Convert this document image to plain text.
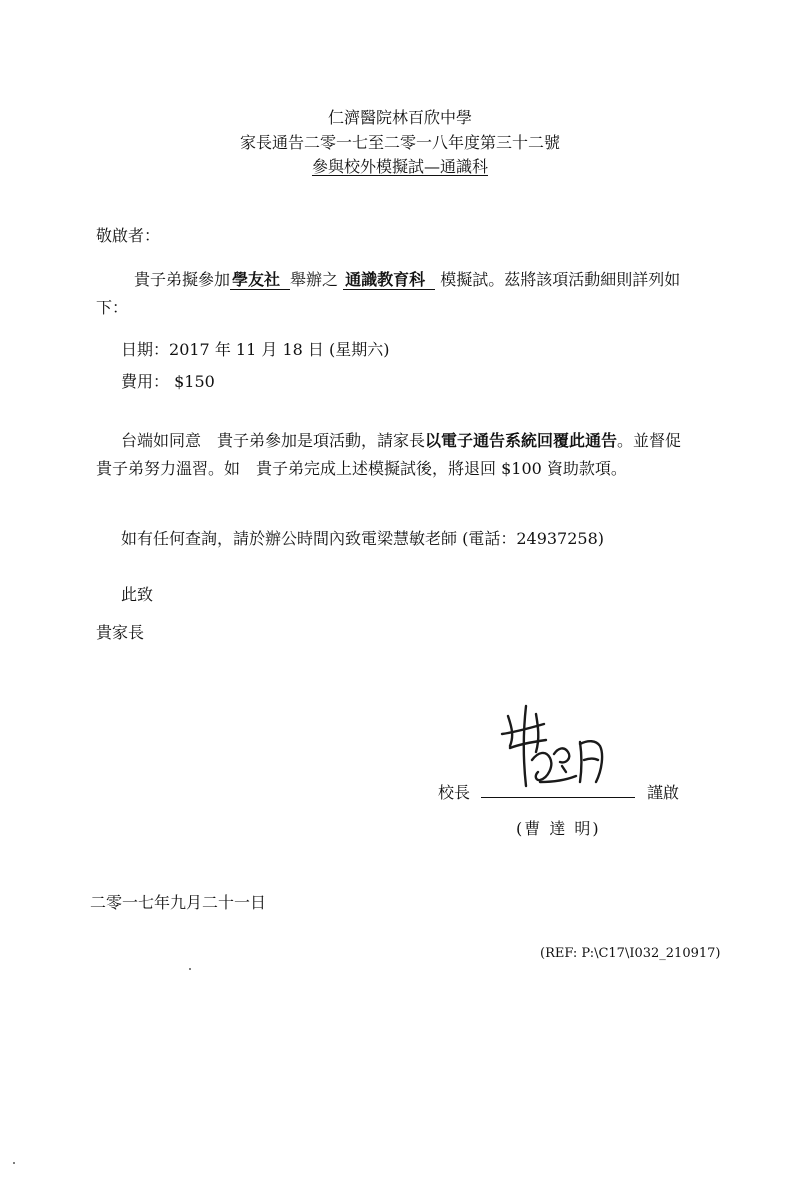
仁濟醫院林百欣中學
家長通告二零一七至二零一八年度第三十二號
參與校外模擬試—通識科
敬啟者：
貴子弟擬參加 學友社 舉辦之 通識教育科 模擬試。茲將該項活動細則詳列如下：
日期：2017 年 11 月 18 日 (星期六)
費用： $150
台端如同意　貴子弟參加是項活動，請家長以電子通告系統回覆此通告。並督促貴子弟努力溫習。如　貴子弟完成上述模擬試後，將退回 $100 資助款項。
如有任何查詢，請於辦公時間內致電梁慧敏老師 (電話：24937258)
此致
貴家長
校長	謹啟
(曹 達 明)
二零一七年九月二十一日
(REF: P:\C17\I032_210917)
